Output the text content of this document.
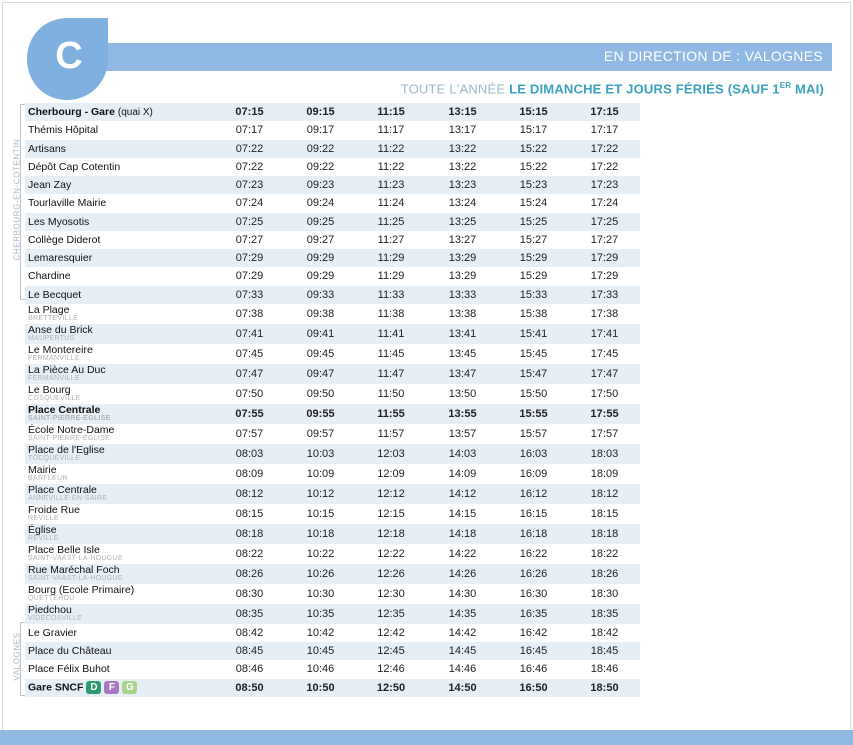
EN DIRECTION DE : VALOGNES
C
TOUTE L'ANNÉE LE DIMANCHE ET JOURS FÉRIÉS (SAUF 1ER MAI)
CHERBOURG-EN-COTENTIN
VALOGNES
Cherbourg - Gare (quai X)	07:15	09:15	11:15	13:15	15:15	17:15

Thémis Hôpital	07:17	09:17	11:17	13:17	15:17	17:17

Artisans	07:22	09:22	11:22	13:22	15:22	17:22

Dépôt Cap Cotentin	07:22	09:22	11:22	13:22	15:22	17:22

Jean Zay	07:23	09:23	11:23	13:23	15:23	17:23

Tourlaville Mairie	07:24	09:24	11:24	13:24	15:24	17:24

Les Myosotis	07:25	09:25	11:25	13:25	15:25	17:25

Collège Diderot	07:27	09:27	11:27	13:27	15:27	17:27

Lemaresquier	07:29	09:29	11:29	13:29	15:29	17:29

Chardine	07:29	09:29	11:29	13:29	15:29	17:29

Le Becquet	07:33	09:33	11:33	13:33	15:33	17:33

La Plage
BRETTEVILLE	07:38	09:38	11:38	13:38	15:38	17:38

Anse du Brick
MAUPERTUS	07:41	09:41	11:41	13:41	15:41	17:41

Le Montereire
FERMANVILLE	07:45	09:45	11:45	13:45	15:45	17:45

La Pièce Au Duc
FERMANVILLE	07:47	09:47	11:47	13:47	15:47	17:47

Le Bourg
COSQUEVILLE	07:50	09:50	11:50	13:50	15:50	17:50

Place Centrale
SAINT-PIERRE-EGLISE	07:55	09:55	11:55	13:55	15:55	17:55

École Notre-Dame
SAINT-PIERRE-EGLISE	07:57	09:57	11:57	13:57	15:57	17:57

Place de l'Eglise
TOCQUEVILLE	08:03	10:03	12:03	14:03	16:03	18:03

Mairie
BARFLEUR	08:09	10:09	12:09	14:09	16:09	18:09

Place Centrale
ANNEVILLE-EN-SAIRE	08:12	10:12	12:12	14:12	16:12	18:12

Froide Rue
REVILLE	08:15	10:15	12:15	14:15	16:15	18:15

Église
REVILLE	08:18	10:18	12:18	14:18	16:18	18:18

Place Belle Isle
SAINT-VAAST-LA-HOUGUE	08:22	10:22	12:22	14:22	16:22	18:22

Rue Maréchal Foch
SAINT-VAAST-LA-HOUGUE	08:26	10:26	12:26	14:26	16:26	18:26

Bourg (Ecole Primaire)
QUETTEHOU	08:30	10:30	12:30	14:30	16:30	18:30

Piedchou
VIDECOSVILLE	08:35	10:35	12:35	14:35	16:35	18:35

Le Gravier	08:42	10:42	12:42	14:42	16:42	18:42

Place du Château	08:45	10:45	12:45	14:45	16:45	18:45

Place Félix Buhot	08:46	10:46	12:46	14:46	16:46	18:46

Gare SNCF D F G	08:50	10:50	12:50	14:50	16:50	18:50
